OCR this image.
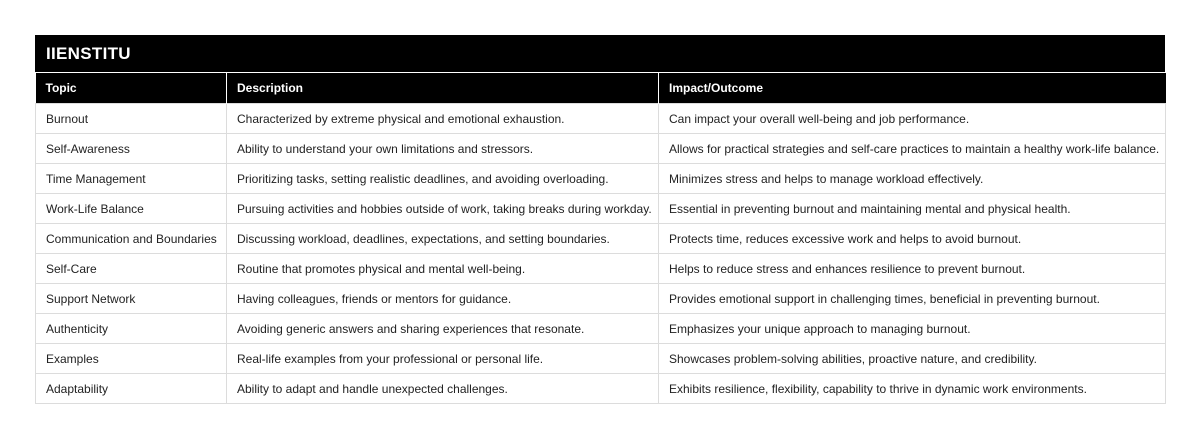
IIENSTITU
Topic	Description	Impact/Outcome
Burnout	Characterized by extreme physical and emotional exhaustion.	Can impact your overall well-being and job performance.
Self-Awareness	Ability to understand your own limitations and stressors.	Allows for practical strategies and self-care practices to maintain a healthy work-life balance.
Time Management	Prioritizing tasks, setting realistic deadlines, and avoiding overloading.	Minimizes stress and helps to manage workload effectively.
Work-Life Balance	Pursuing activities and hobbies outside of work, taking breaks during workday.	Essential in preventing burnout and maintaining mental and physical health.
Communication and Boundaries	Discussing workload, deadlines, expectations, and setting boundaries.	Protects time, reduces excessive work and helps to avoid burnout.
Self-Care	Routine that promotes physical and mental well-being.	Helps to reduce stress and enhances resilience to prevent burnout.
Support Network	Having colleagues, friends or mentors for guidance.	Provides emotional support in challenging times, beneficial in preventing burnout.
Authenticity	Avoiding generic answers and sharing experiences that resonate.	Emphasizes your unique approach to managing burnout.
Examples	Real-life examples from your professional or personal life.	Showcases problem-solving abilities, proactive nature, and credibility.
Adaptability	Ability to adapt and handle unexpected challenges.	Exhibits resilience, flexibility, capability to thrive in dynamic work environments.
